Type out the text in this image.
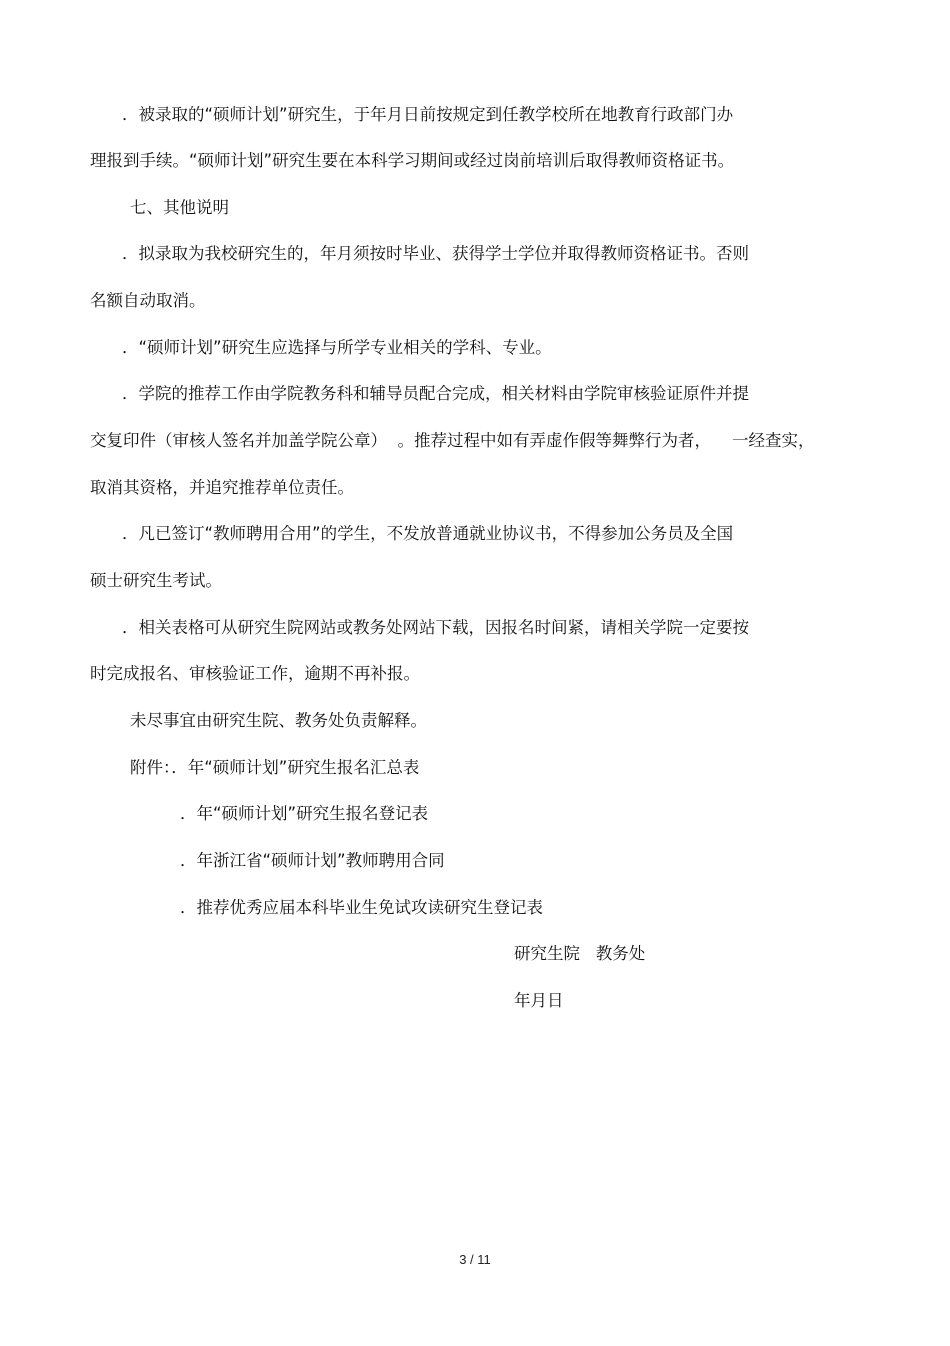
．被录取的“硕师计划”研究生，于年月日前按规定到任教学校所在地教育行政部门办
理报到手续。“硕师计划”研究生要在本科学习期间或经过岗前培训后取得教师资格证书。
七、其他说明
．拟录取为我校研究生的，年月须按时毕业、获得学士学位并取得教师资格证书。否则
名额自动取消。
．“硕师计划”研究生应选择与所学专业相关的学科、专业。
．学院的推荐工作由学院教务科和辅导员配合完成，相关材料由学院审核验证原件并提
交复印件（审核人签名并加盖学院公章）  。推荐过程中如有弄虚作假等舞弊行为者，    一经查实，
取消其资格，并追究推荐单位责任。
．凡已签订“教师聘用合用”的学生，不发放普通就业协议书，不得参加公务员及全国
硕士研究生考试。
．相关表格可从研究生院网站或教务处网站下载，因报名时间紧，请相关学院一定要按
时完成报名、审核验证工作，逾期不再补报。
未尽事宜由研究生院、教务处负责解释。
附件：．年“硕师计划”研究生报名汇总表
．年“硕师计划”研究生报名登记表
．年浙江省“硕师计划”教师聘用合同
．推荐优秀应届本科毕业生免试攻读研究生登记表
研究生院   教务处
年月日
3 / 11
